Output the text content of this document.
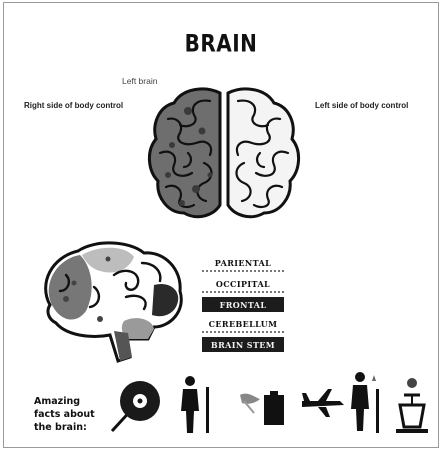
BRAIN
Left brain
Right side of body control	Left side of body control
PARIENTAL
OCCIPITAL
FRONTAL
CEREBELLUM
BRAIN STEM
Amazing facts about the brain:
